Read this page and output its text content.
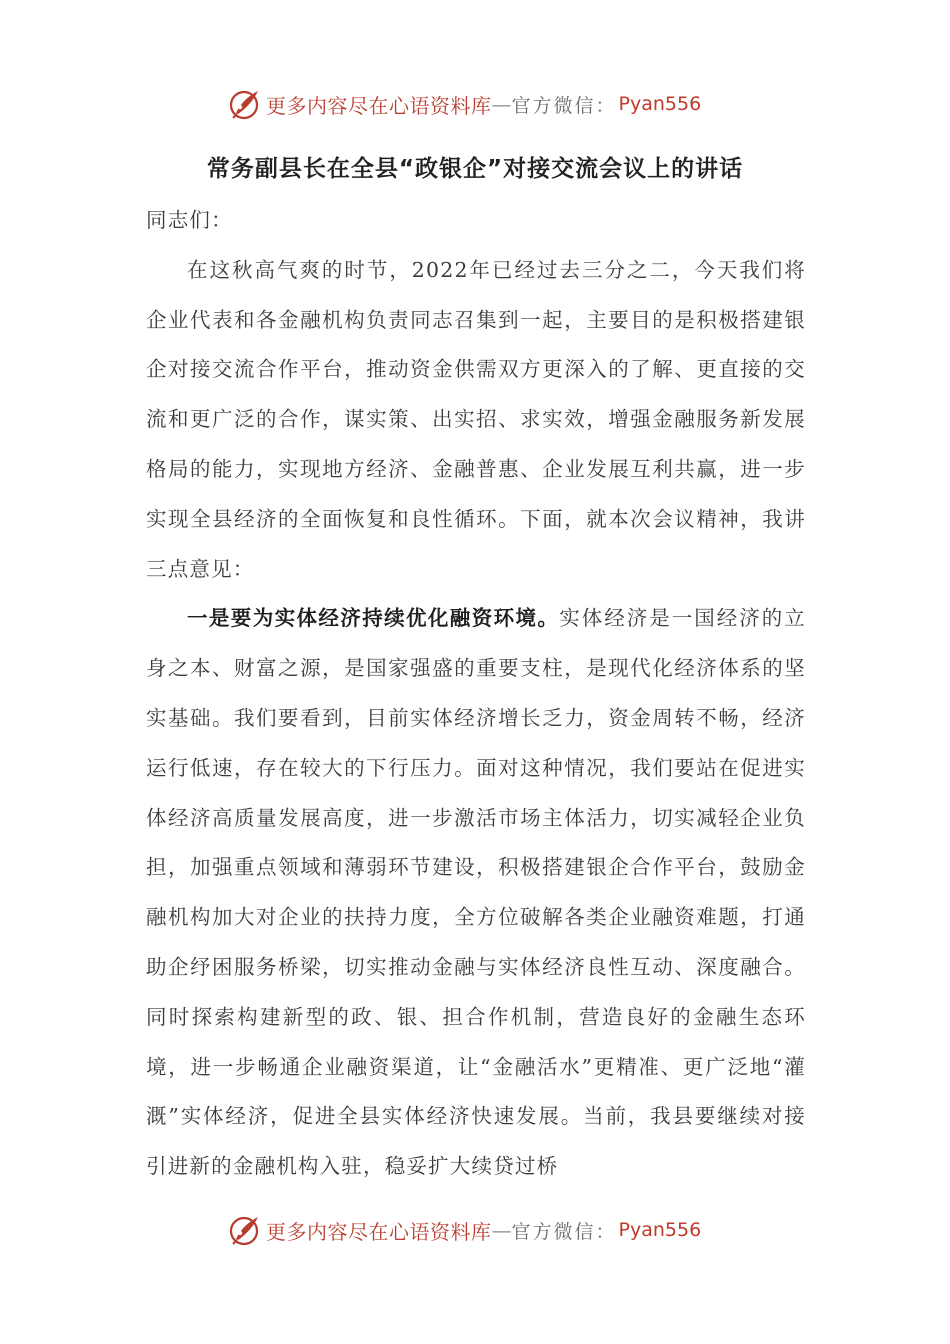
更多内容尽在心语资料库 — 官方微信： Pyan556
常务副县长在全县“政银企”对接交流会议上的讲话

同志们：

在这秋高气爽的时节，2022年已经过去三分之二，今天我们将企业代表和各金融机构负责同志召集到一起，主要目的是积极搭建银企对接交流合作平台，推动资金供需双方更深入的了解、更直接的交流和更广泛的合作，谋实策、出实招、求实效，增强金融服务新发展格局的能力，实现地方经济、金融普惠、企业发展互利共赢，进一步实现全县经济的全面恢复和良性循环。下面，就本次会议精神，我讲三点意见：

一是要为实体经济持续优化融资环境。实体经济是一国经济的立身之本、财富之源，是国家强盛的重要支柱，是现代化经济体系的坚实基础。我们要看到，目前实体经济增长乏力，资金周转不畅，经济运行低速，存在较大的下行压力。面对这种情况，我们要站在促进实体经济高质量发展高度，进一步激活市场主体活力，切实减轻企业负担，加强重点领域和薄弱环节建设，积极搭建银企合作平台，鼓励金融机构加大对企业的扶持力度，全方位破解各类企业融资难题，打通助企纾困服务桥梁，切实推动金融与实体经济良性互动、深度融合。同时探索构建新型的政、银、担合作机制，营造良好的金融生态环境，进一步畅通企业融资渠道，让“金融活水”更精准、更广泛地“灌溉”实体经济，促进全县实体经济快速发展。当前，我县要继续对接引进新的金融机构入驻，稳妥扩大续贷过桥

更多内容尽在心语资料库 — 官方微信： Pyan556
